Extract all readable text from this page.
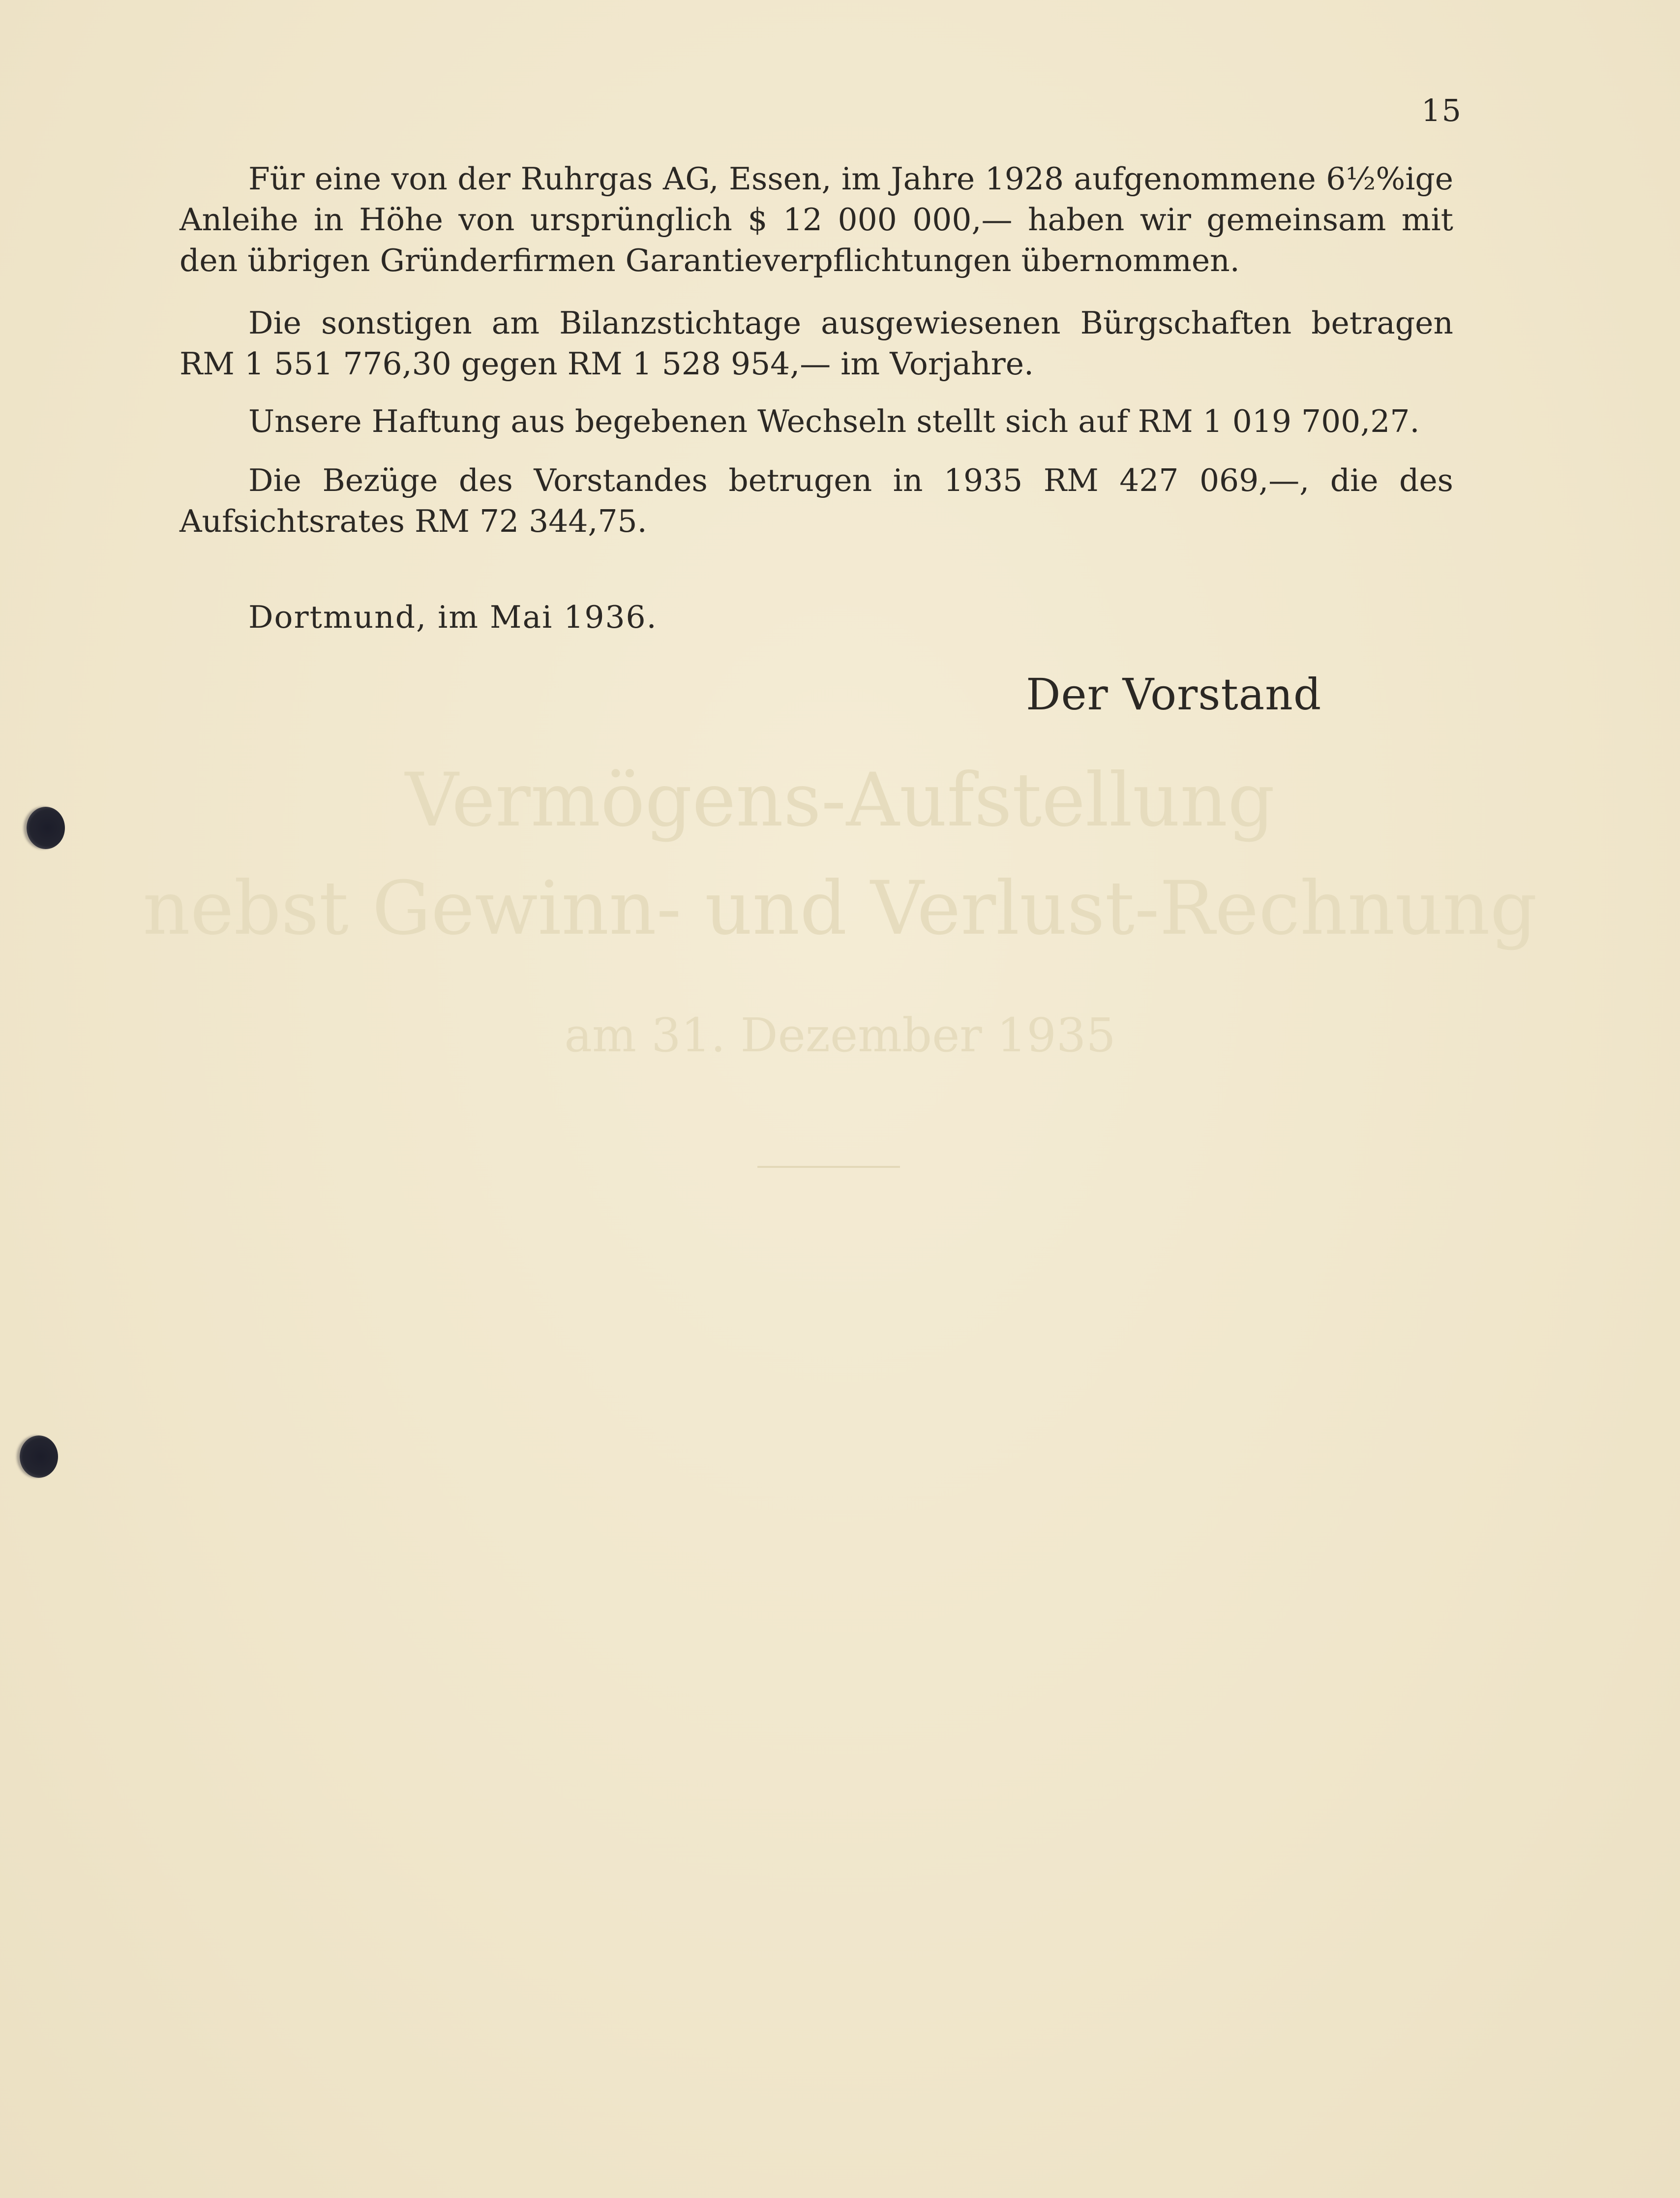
15

Für eine von der Ruhrgas AG, Essen, im Jahre 1928 aufgenommene 6½%ige Anleihe in Höhe von ursprünglich $ 12 000 000,— haben wir gemeinsam mit den übrigen Gründerfirmen Garantieverpflichtungen übernommen.

Die sonstigen am Bilanzstichtage ausgewiesenen Bürgschaften betragen RM 1 551 776,30 gegen RM 1 528 954,— im Vorjahre.

Unsere Haftung aus begebenen Wechseln stellt sich auf RM 1 019 700,27.

Die Bezüge des Vorstandes betrugen in 1935 RM 427 069,—, die des Aufsichtsrates RM 72 344,75.

Dortmund, im Mai 1936.
Der Vorstand
Vermögens-Aufstellung
nebst Gewinn- und Verlust-Rechnung
am 31. Dezember 1935
